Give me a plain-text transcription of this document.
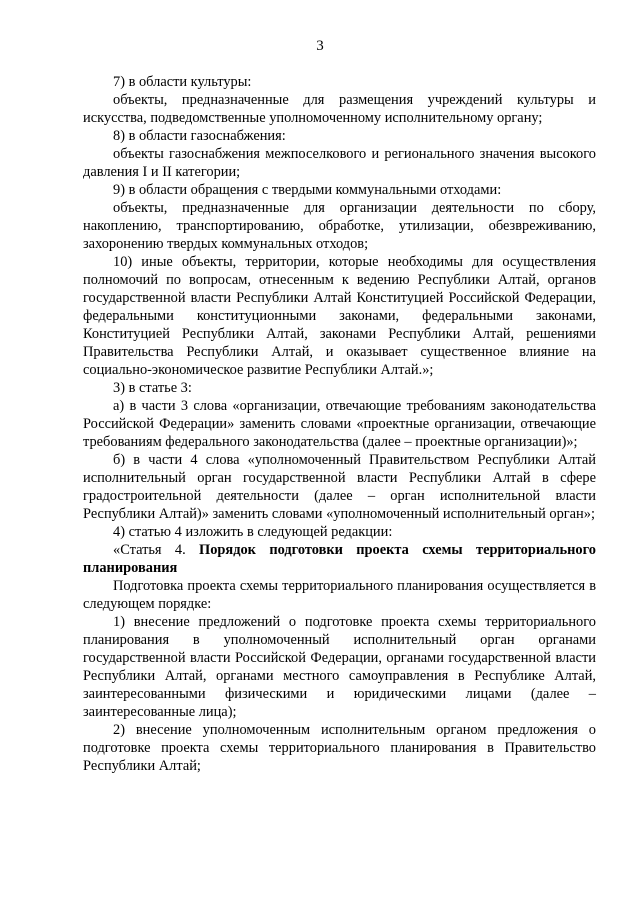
3

7) в области культуры:

объекты, предназначенные для размещения учреждений культуры и искусства, подведомственные уполномоченному исполнительному органу;

8) в области газоснабжения:

объекты газоснабжения межпоселкового и регионального значения высокого давления I и II категории;

9) в области обращения с твердыми коммунальными отходами:

объекты, предназначенные для организации деятельности по сбору, накоплению, транспортированию, обработке, утилизации, обезвреживанию, захоронению твердых коммунальных отходов;

10) иные объекты, территории, которые необходимы для осуществления полномочий по вопросам, отнесенным к ведению Республики Алтай, органов государственной власти Республики Алтай Конституцией Российской Федерации, федеральными конституционными законами, федеральными законами, Конституцией Республики Алтай, законами Республики Алтай, решениями Правительства Республики Алтай, и оказывает существенное влияние на социально-экономическое развитие Республики Алтай.»;

3) в статье 3:

а) в части 3 слова «организации, отвечающие требованиям законодательства Российской Федерации» заменить словами «проектные организации, отвечающие требованиям федерального законодательства (далее – проектные организации)»;

б) в части 4 слова «уполномоченный Правительством Республики Алтай исполнительный орган государственной власти Республики Алтай в сфере градостроительной деятельности (далее – орган исполнительной власти Республики Алтай)» заменить словами «уполномоченный исполнительный орган»;

4) статью 4 изложить в следующей редакции:

«Статья 4. Порядок подготовки проекта схемы территориального планирования

Подготовка проекта схемы территориального планирования осуществляется в следующем порядке:

1) внесение предложений о подготовке проекта схемы территориального планирования в уполномоченный исполнительный орган органами государственной власти Российской Федерации, органами государственной власти Республики Алтай, органами местного самоуправления в Республике Алтай, заинтересованными физическими и юридическими лицами (далее – заинтересованные лица);

2) внесение уполномоченным исполнительным органом предложения о подготовке проекта схемы территориального планирования в Правительство Республики Алтай;
